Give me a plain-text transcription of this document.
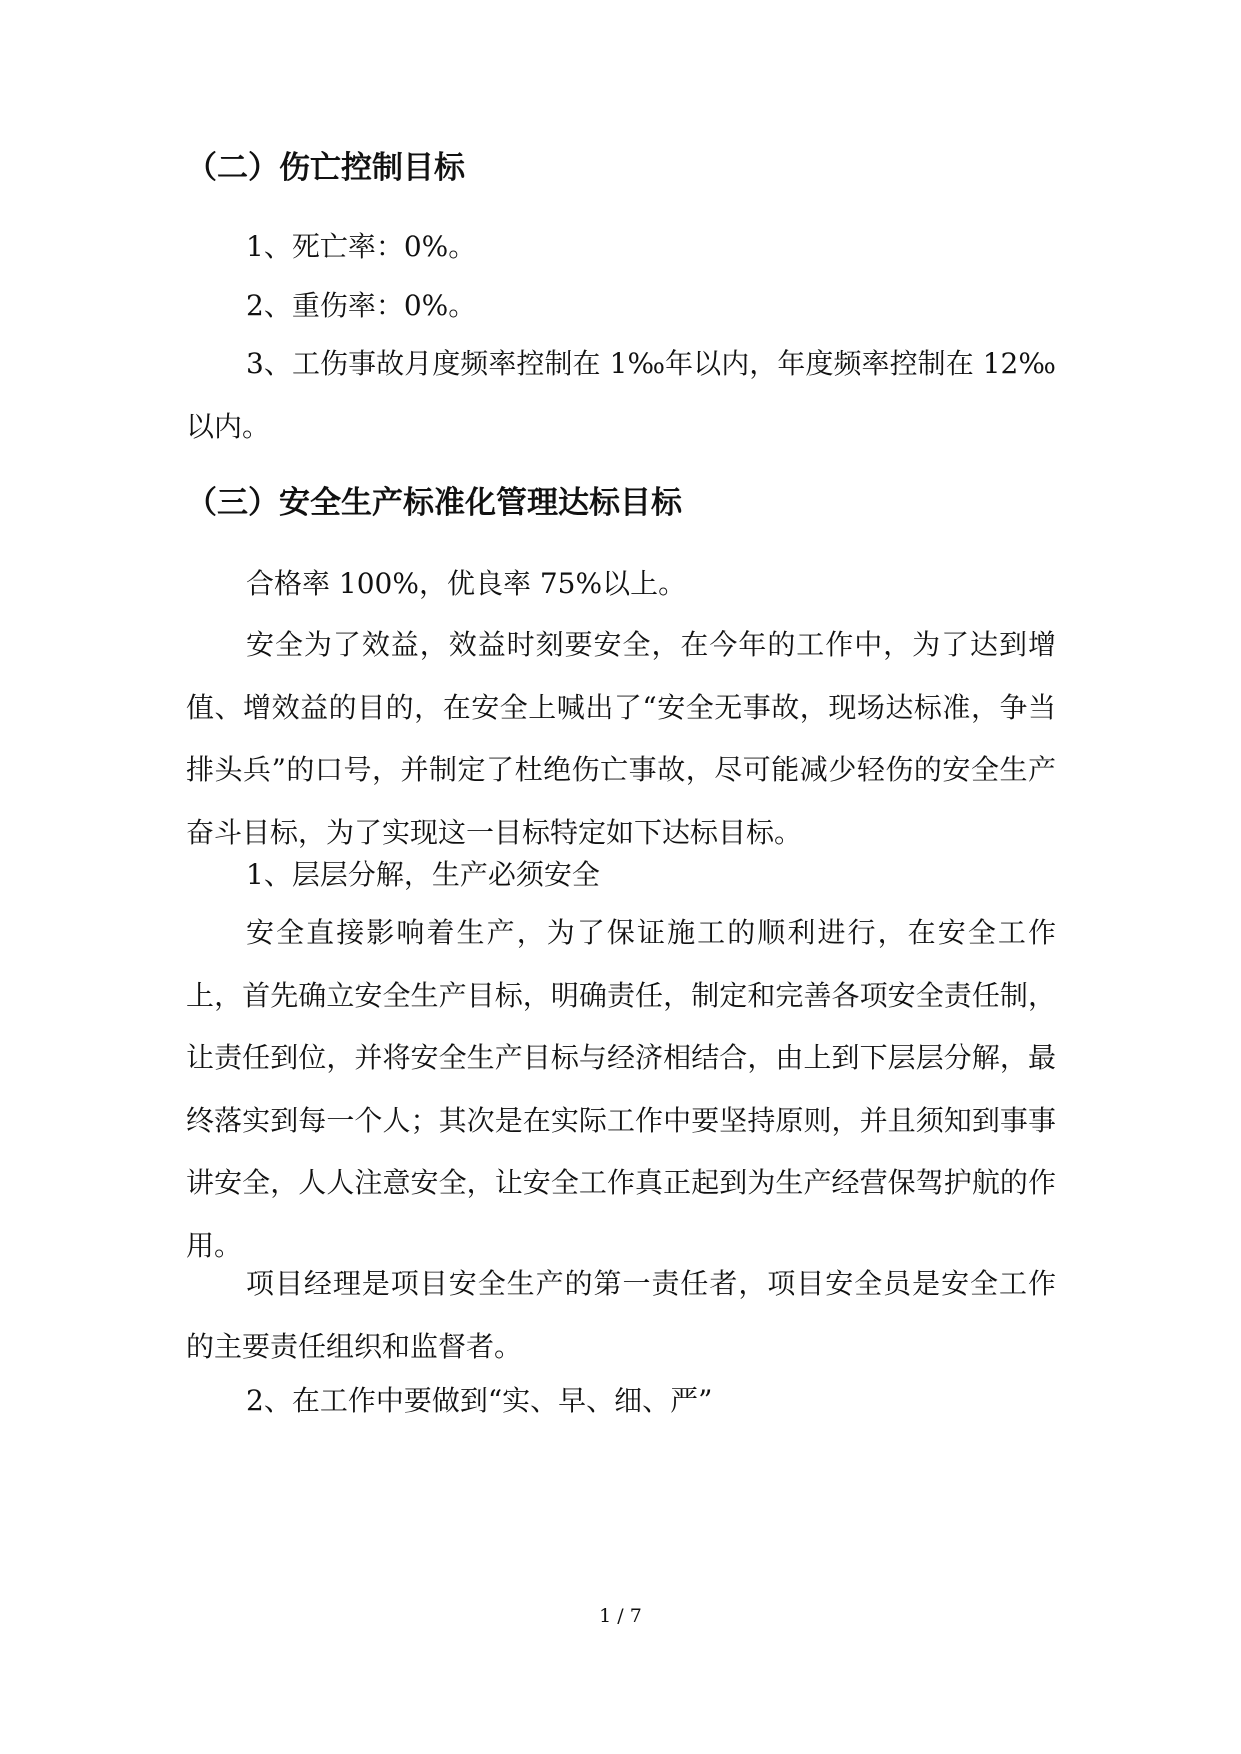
（二）伤亡控制目标

1、死亡率：0%。

2、重伤率：0%。

3、工伤事故月度频率控制在 1‰年以内，年度频率控制在 12‰以内。

（三）安全生产标准化管理达标目标

合格率 100%，优良率 75%以上。

安全为了效益，效益时刻要安全，在今年的工作中，为了达到增值、增效益的目的，在安全上喊出了“安全无事故，现场达标准，争当排头兵”的口号，并制定了杜绝伤亡事故，尽可能减少轻伤的安全生产奋斗目标，为了实现这一目标特定如下达标目标。

1、层层分解，生产必须安全

安全直接影响着生产，为了保证施工的顺利进行，在安全工作上，首先确立安全生产目标，明确责任，制定和完善各项安全责任制，让责任到位，并将安全生产目标与经济相结合，由上到下层层分解，最终落实到每一个人；其次是在实际工作中要坚持原则，并且须知到事事讲安全，人人注意安全，让安全工作真正起到为生产经营保驾护航的作用。

项目经理是项目安全生产的第一责任者，项目安全员是安全工作的主要责任组织和监督者。

2、在工作中要做到“实、早、细、严”

1 / 7
